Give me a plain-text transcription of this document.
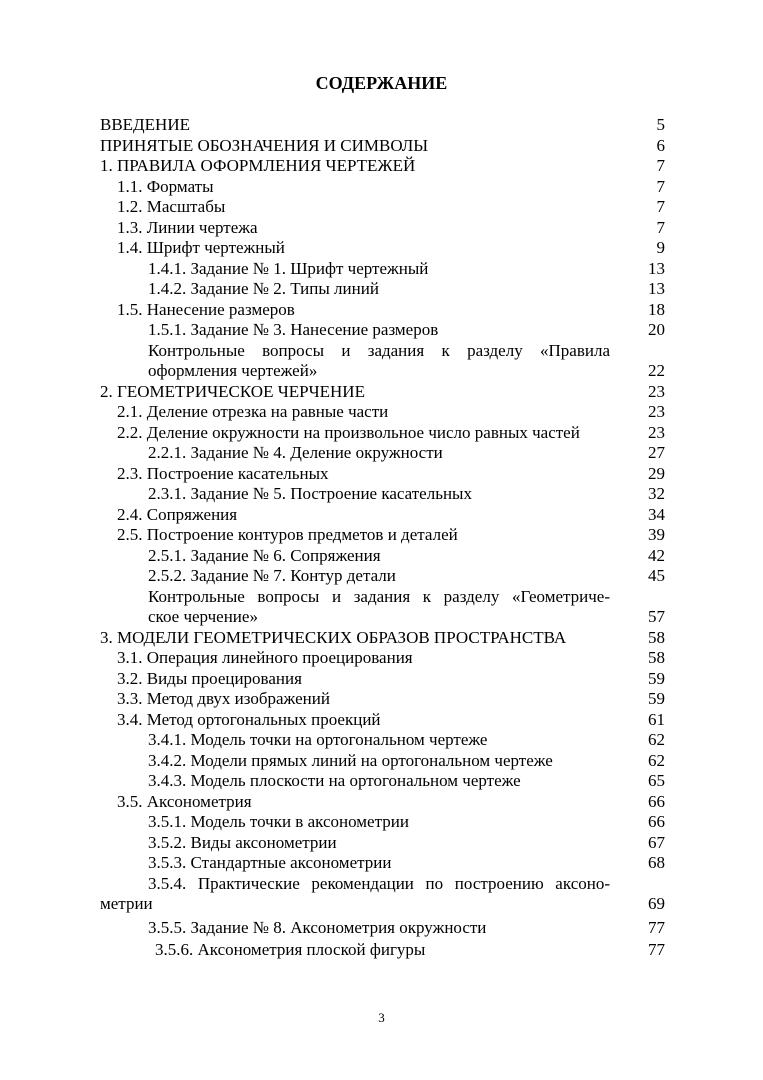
СОДЕРЖАНИЕ
ВВЕДЕНИЕ	5
ПРИНЯТЫЕ ОБОЗНАЧЕНИЯ И СИМВОЛЫ	6
1. ПРАВИЛА ОФОРМЛЕНИЯ ЧЕРТЕЖЕЙ	7
1.1. Форматы	7
1.2. Масштабы	7
1.3. Линии чертежа	7
1.4. Шрифт чертежный	9
1.4.1. Задание № 1. Шрифт чертежный	13
1.4.2. Задание № 2. Типы линий	13
1.5. Нанесение размеров	18
1.5.1. Задание № 3. Нанесение размеров	20
Контрольные вопросы и задания к разделу «Правила
оформления чертежей»	22
2. ГЕОМЕТРИЧЕСКОЕ ЧЕРЧЕНИЕ	23
2.1. Деление отрезка на равные части	23
2.2. Деление окружности на произвольное число равных частей	23
2.2.1. Задание № 4. Деление окружности	27
2.3. Построение касательных	29
2.3.1. Задание № 5. Построение касательных	32
2.4. Сопряжения	34
2.5. Построение контуров предметов и деталей	39
2.5.1. Задание № 6. Сопряжения	42
2.5.2. Задание № 7. Контур детали	45
Контрольные вопросы и задания к разделу «Геометриче-
ское черчение»	57
3. МОДЕЛИ ГЕОМЕТРИЧЕСКИХ ОБРАЗОВ ПРОСТРАНСТВА	58
3.1. Операция линейного проецирования	58
3.2. Виды проецирования	59
3.3. Метод двух изображений	59
3.4. Метод ортогональных проекций	61
3.4.1. Модель точки на ортогональном чертеже	62
3.4.2. Модели прямых линий на ортогональном чертеже	62
3.4.3. Модель плоскости на ортогональном чертеже	65
3.5. Аксонометрия	66
3.5.1. Модель точки в аксонометрии	66
3.5.2. Виды аксонометрии	67
3.5.3. Стандартные аксонометрии	68
3.5.4. Практические рекомендации по построению аксоно-
метрии	69
3.5.5. Задание № 8. Аксонометрия окружности	77
3.5.6. Аксонометрия плоской фигуры	77
3
